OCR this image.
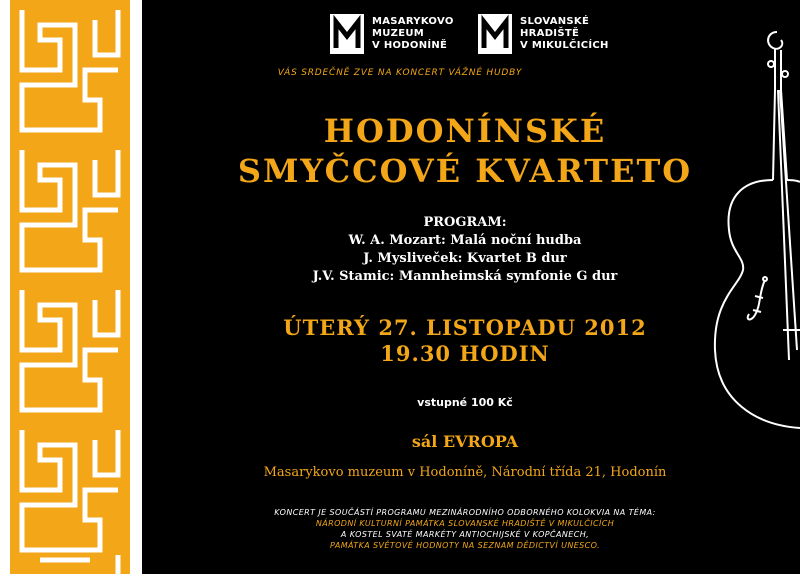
MASARYKOVO
MUZEUM
V HODONÍNĚ
SLOVANSKÉ
HRADIŠTĚ
V MIKULČICÍCH
VÁS SRDEČNĚ ZVE NA KONCERT VÁŽNÉ HUDBY
HODONÍNSKÉ
SMYČCOVÉ KVARTETO
PROGRAM:
W. A. Mozart: Malá noční hudba
J. Mysliveček: Kvartet B dur
J.V. Stamic: Mannheimská symfonie G dur
ÚTERÝ 27. LISTOPADU 2012
19.30 HODIN
vstupné 100 Kč
sál EVROPA
Masarykovo muzeum v Hodoníně, Národní třída 21, Hodonín
KONCERT JE SOUČÁSTÍ PROGRAMU MEZINÁRODNÍHO ODBORNÉHO KOLOKVIA NA TÉMA:
NÁRODNÍ KULTURNÍ PAMÁTKA SLOVANSKÉ HRADIŠTĚ V MIKULČICÍCH
A KOSTEL SVATÉ MARKÉTY ANTIOCHIJSKÉ V KOPČANECH,
PAMÁTKA SVĚTOVÉ HODNOTY NA SEZNAM DĚDICTVÍ UNESCO.
